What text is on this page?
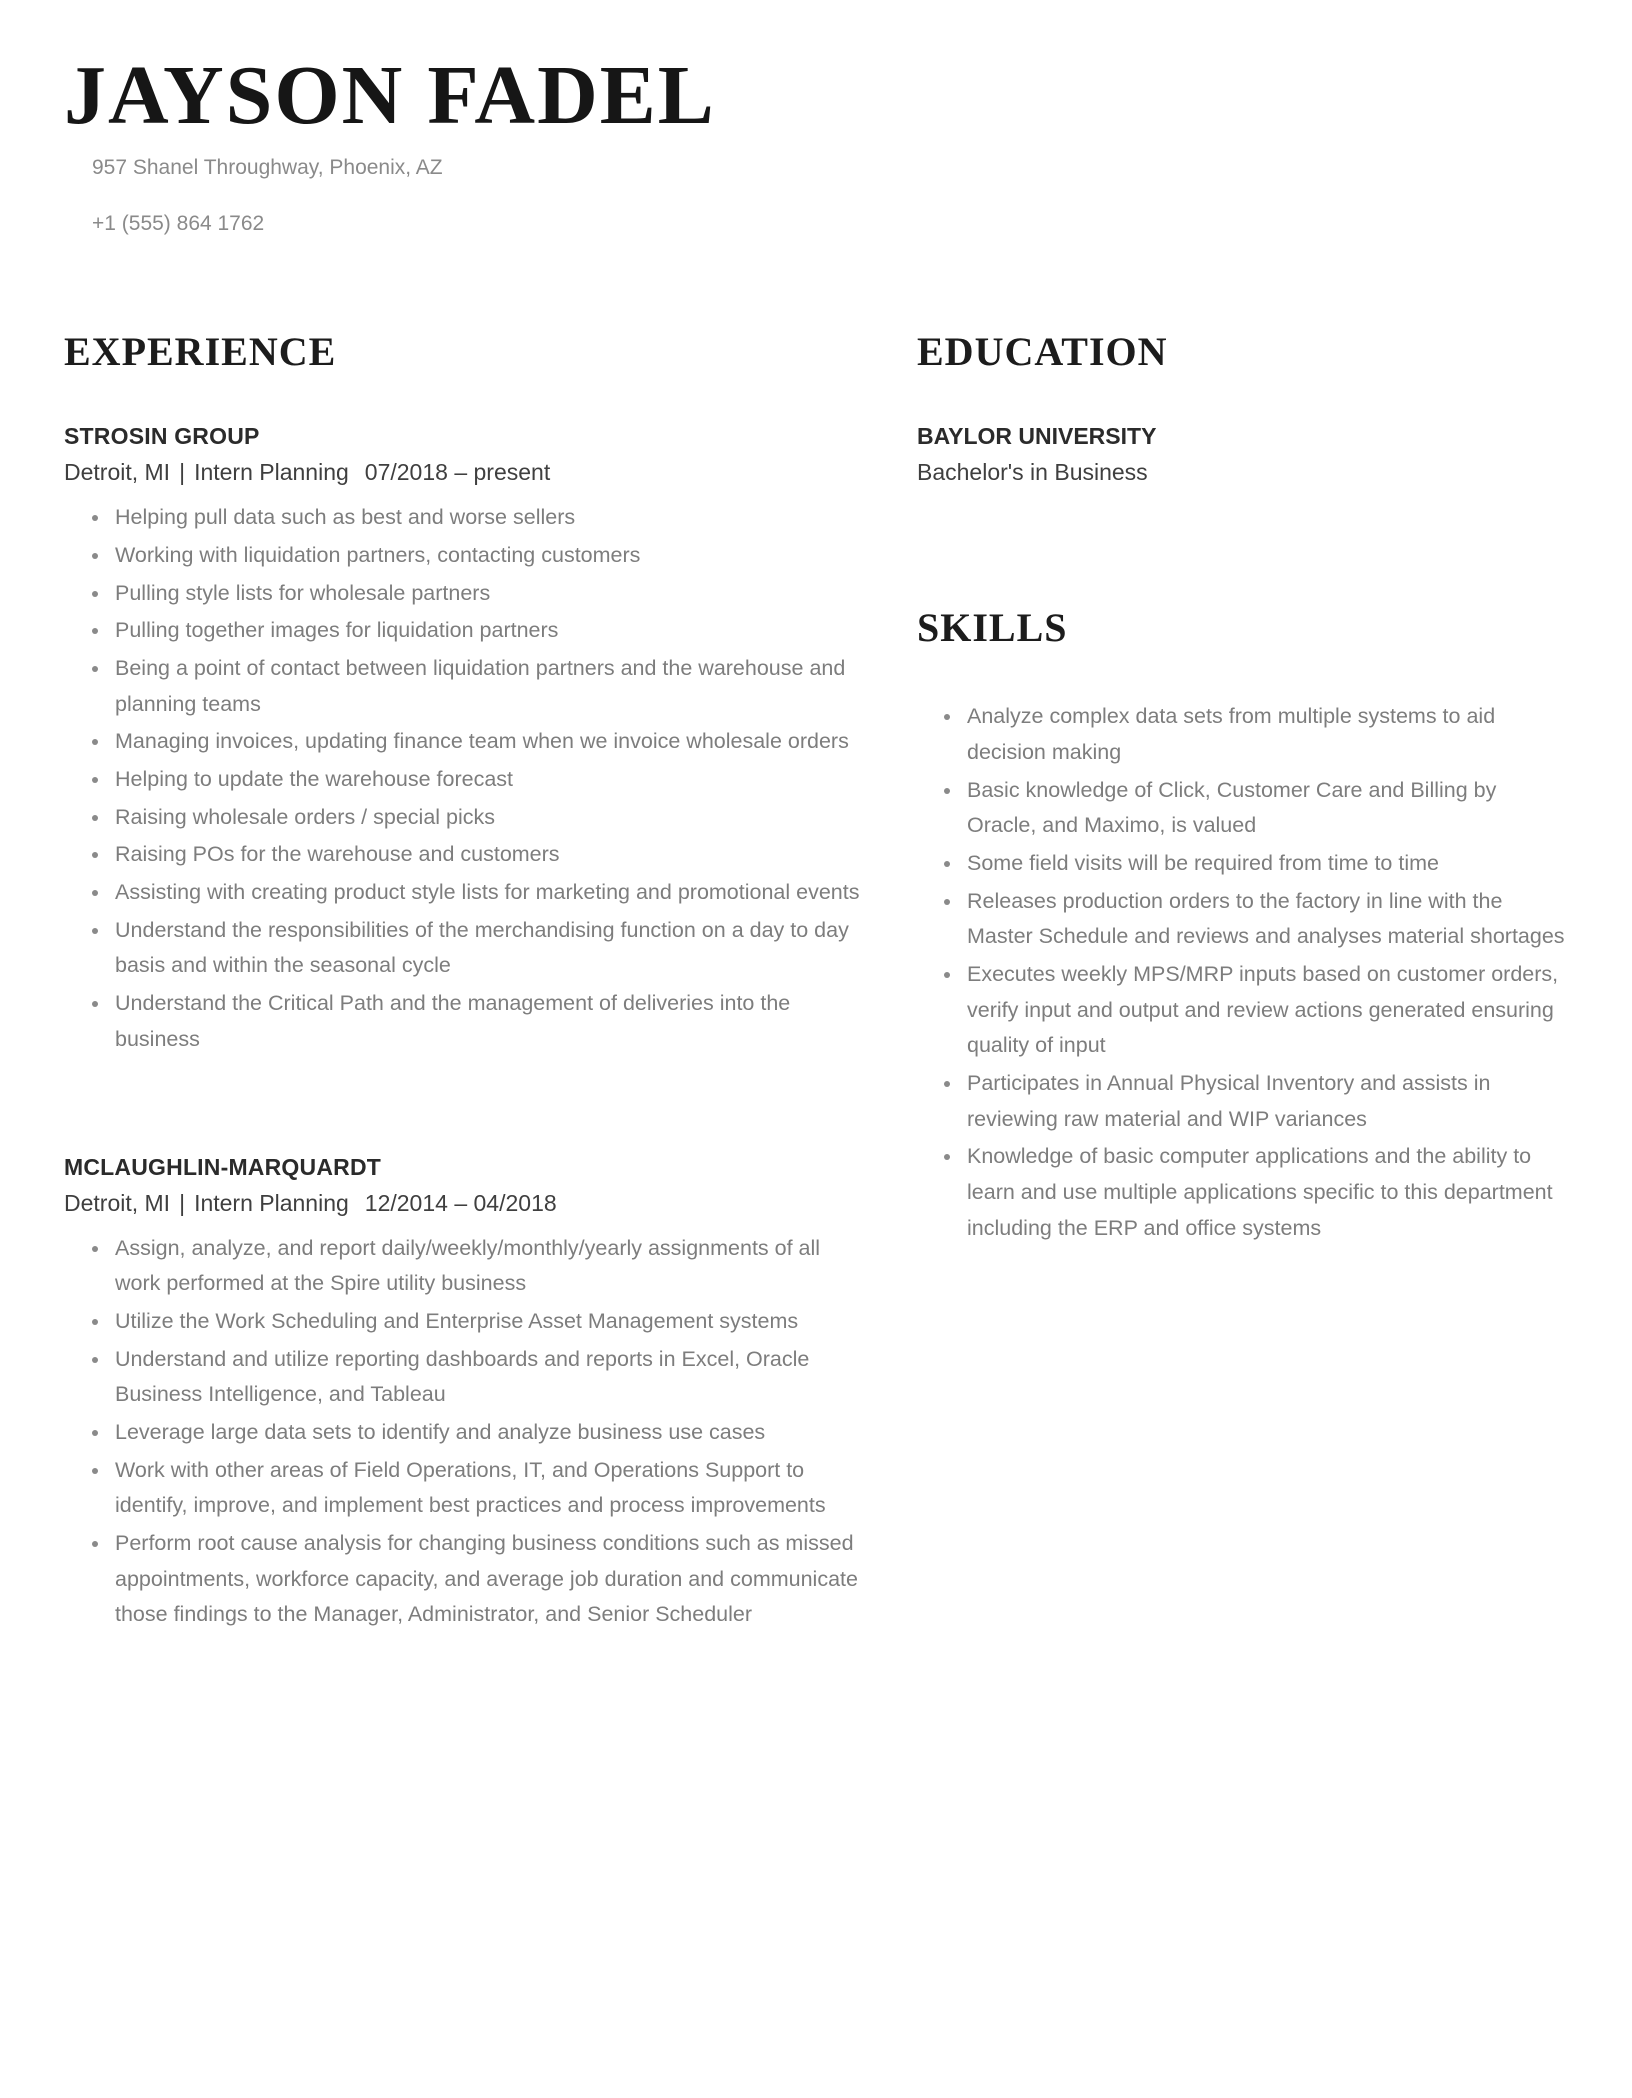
JAYSON FADEL
957 Shanel Throughway, Phoenix, AZ
+1 (555) 864 1762
EXPERIENCE
STROSIN GROUP
Detroit, MI | Intern Planning 07/2018 – present
• Helping pull data such as best and worse sellers
• Working with liquidation partners, contacting customers
• Pulling style lists for wholesale partners
• Pulling together images for liquidation partners
• Being a point of contact between liquidation partners and the warehouse and planning teams
• Managing invoices, updating finance team when we invoice wholesale orders
• Helping to update the warehouse forecast
• Raising wholesale orders / special picks
• Raising POs for the warehouse and customers
• Assisting with creating product style lists for marketing and promotional events
• Understand the responsibilities of the merchandising function on a day to day basis and within the seasonal cycle
• Understand the Critical Path and the management of deliveries into the business
MCLAUGHLIN-MARQUARDT
Detroit, MI | Intern Planning 12/2014 – 04/2018
• Assign, analyze, and report daily/weekly/monthly/yearly assignments of all work performed at the Spire utility business
• Utilize the Work Scheduling and Enterprise Asset Management systems
• Understand and utilize reporting dashboards and reports in Excel, Oracle Business Intelligence, and Tableau
• Leverage large data sets to identify and analyze business use cases
• Work with other areas of Field Operations, IT, and Operations Support to identify, improve, and implement best practices and process improvements
• Perform root cause analysis for changing business conditions such as missed appointments, workforce capacity, and average job duration and communicate those findings to the Manager, Administrator, and Senior Scheduler
EDUCATION
BAYLOR UNIVERSITY
Bachelor's in Business
SKILLS
• Analyze complex data sets from multiple systems to aid decision making
• Basic knowledge of Click, Customer Care and Billing by Oracle, and Maximo, is valued
• Some field visits will be required from time to time
• Releases production orders to the factory in line with the Master Schedule and reviews and analyses material shortages
• Executes weekly MPS/MRP inputs based on customer orders, verify input and output and review actions generated ensuring quality of input
• Participates in Annual Physical Inventory and assists in reviewing raw material and WIP variances
• Knowledge of basic computer applications and the ability to learn and use multiple applications specific to this department including the ERP and office systems
